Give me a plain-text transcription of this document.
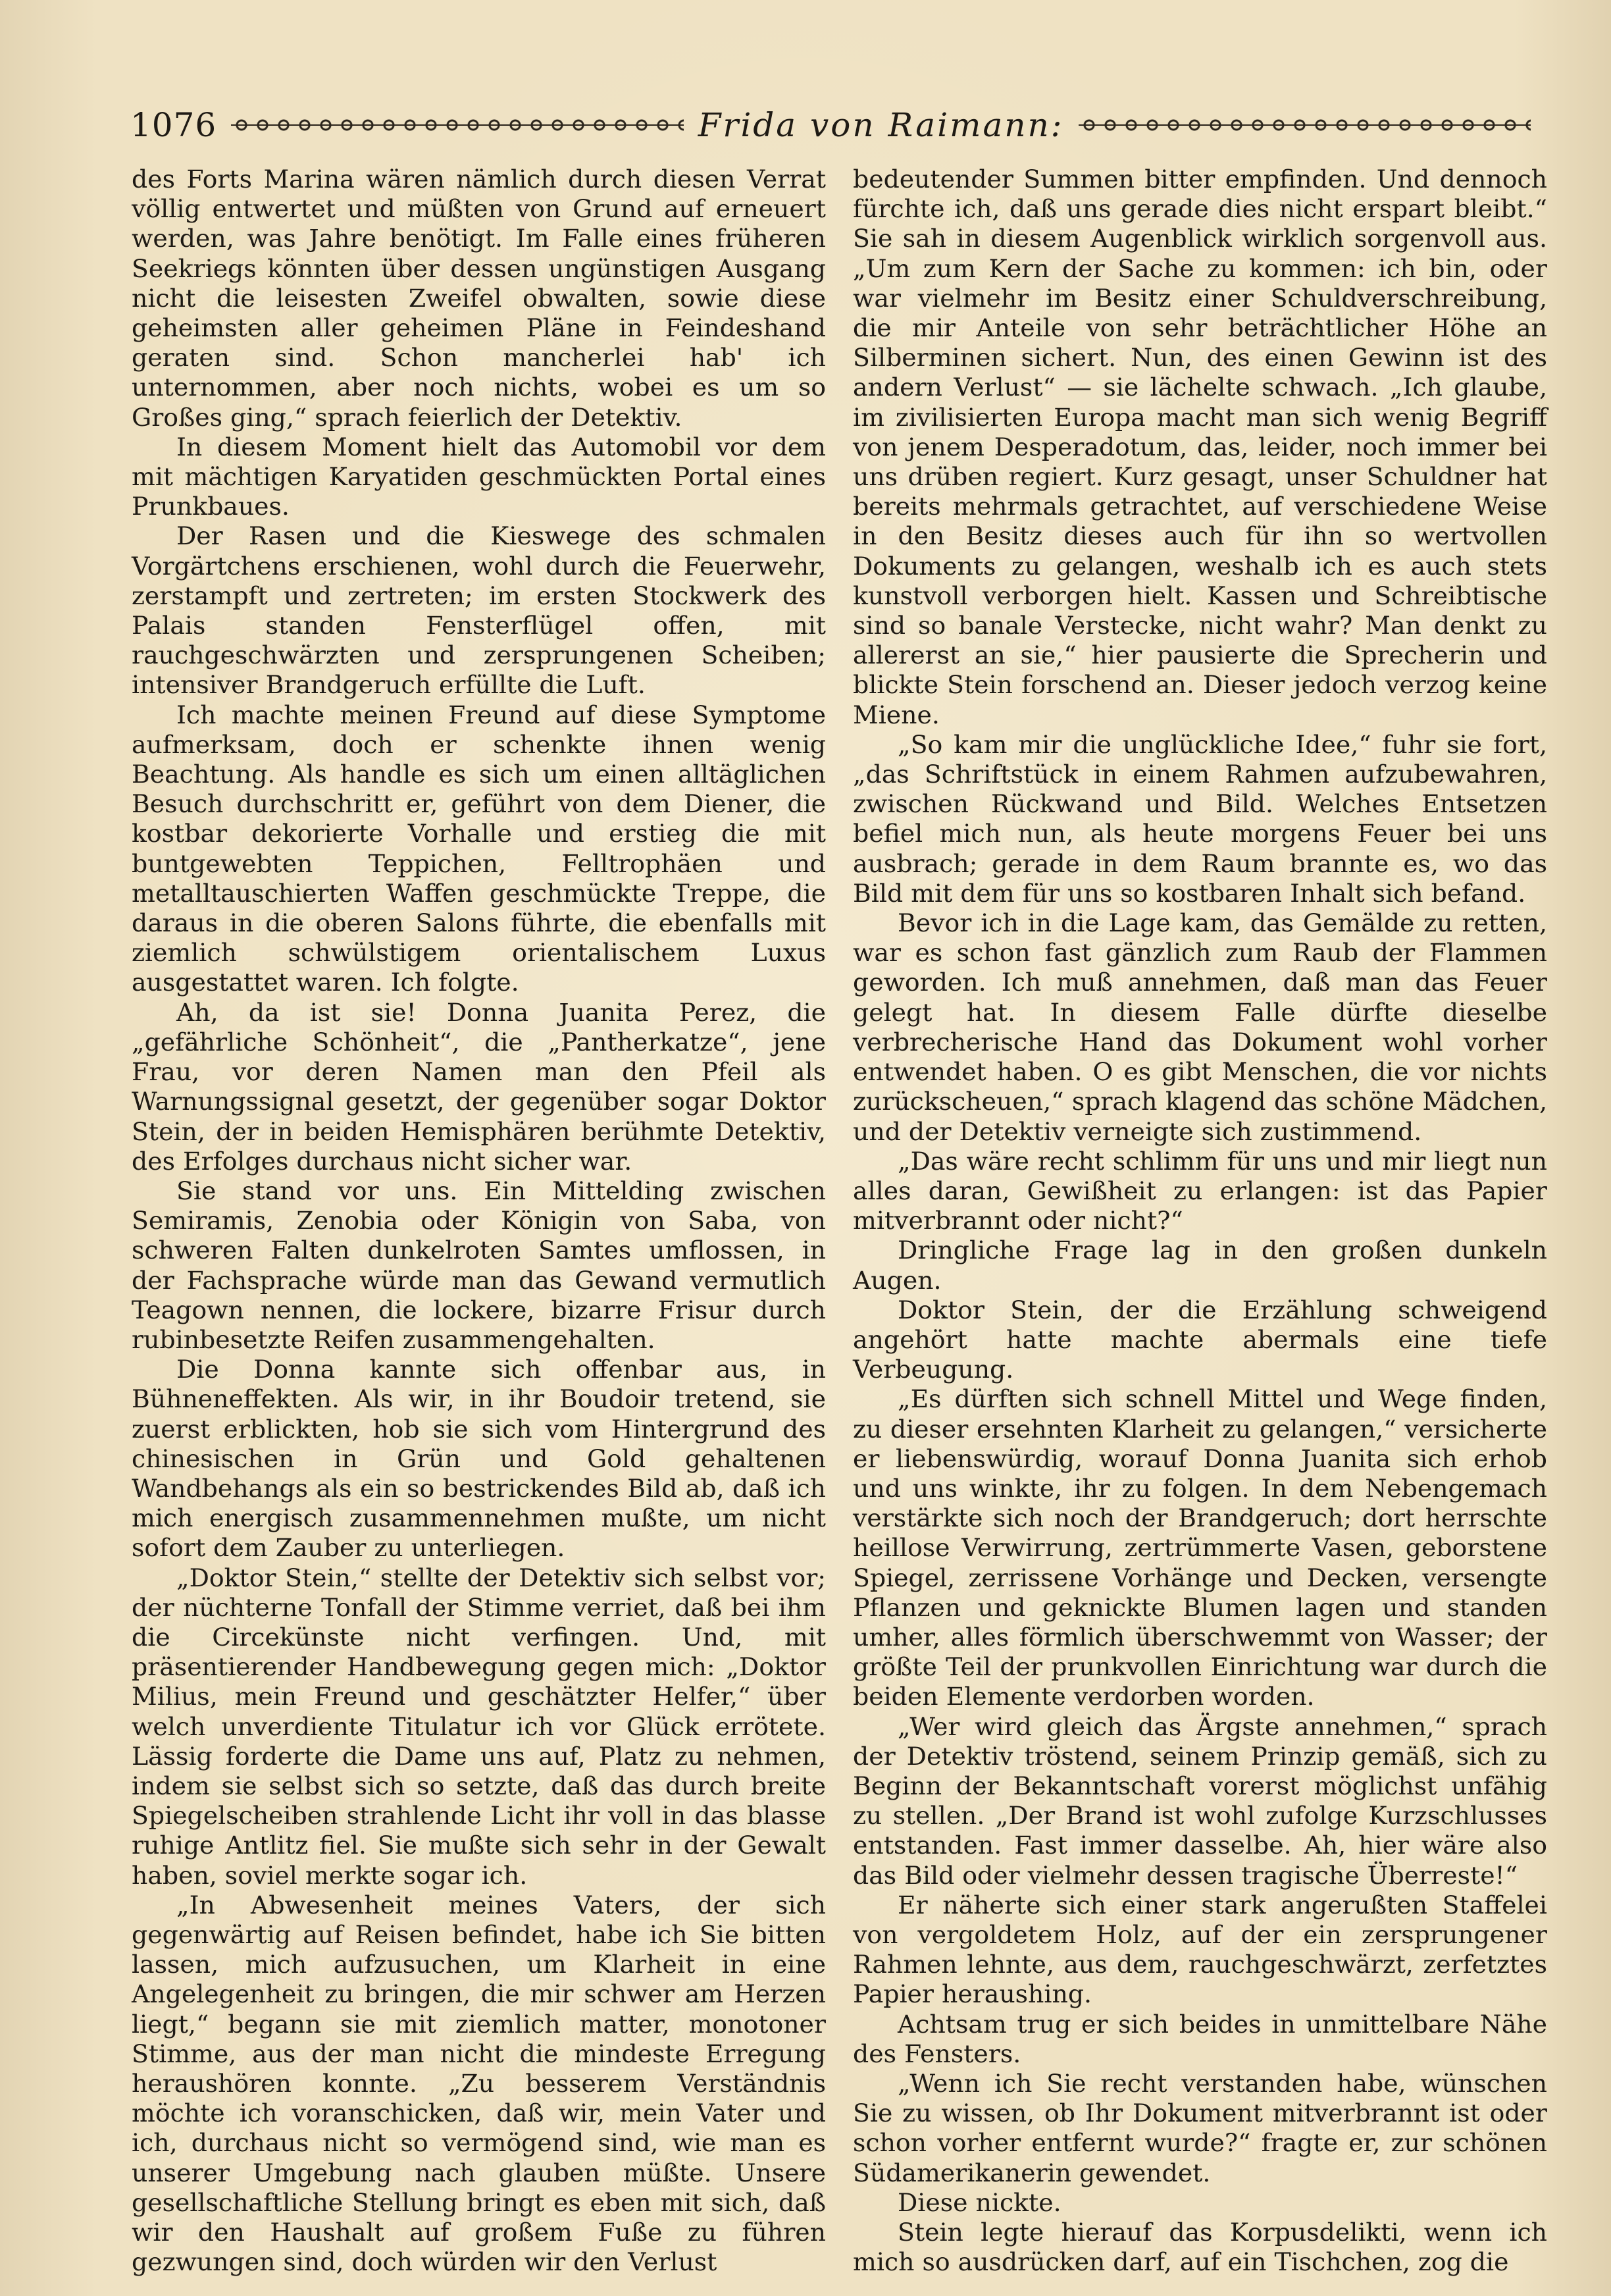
1076	Frida von Raimann:

des Forts Marina wären nämlich durch diesen Verrat völlig entwertet und müßten von Grund auf erneuert werden, was Jahre benötigt. Im Falle eines früheren Seekriegs könnten über dessen ungünstigen Ausgang nicht die leisesten Zweifel obwalten, sowie diese geheimsten aller geheimen Pläne in Feindeshand geraten sind. Schon mancherlei hab' ich unternommen, aber noch nichts, wobei es um so Großes ging,“ sprach feierlich der Detektiv.

In diesem Moment hielt das Automobil vor dem mit mächtigen Karyatiden geschmückten Portal eines Prunkbaues.

Der Rasen und die Kieswege des schmalen Vorgärtchens erschienen, wohl durch die Feuerwehr, zerstampft und zertreten; im ersten Stockwerk des Palais standen Fensterflügel offen, mit rauchgeschwärzten und zersprungenen Scheiben; intensiver Brandgeruch erfüllte die Luft.

Ich machte meinen Freund auf diese Symptome aufmerksam, doch er schenkte ihnen wenig Beachtung. Als handle es sich um einen alltäglichen Besuch durchschritt er, geführt von dem Diener, die kostbar dekorierte Vorhalle und erstieg die mit buntgewebten Teppichen, Felltrophäen und metalltauschierten Waffen geschmückte Treppe, die daraus in die oberen Salons führte, die ebenfalls mit ziemlich schwülstigem orientalischem Luxus ausgestattet waren. Ich folgte.

Ah, da ist sie! Donna Juanita Perez, die „gefährliche Schönheit“, die „Pantherkatze“, jene Frau, vor deren Namen man den Pfeil als Warnungssignal gesetzt, der gegenüber sogar Doktor Stein, der in beiden Hemisphären berühmte Detektiv, des Erfolges durchaus nicht sicher war.

Sie stand vor uns. Ein Mittelding zwischen Semiramis, Zenobia oder Königin von Saba, von schweren Falten dunkelroten Samtes umflossen, in der Fachsprache würde man das Gewand vermutlich Teagown nennen, die lockere, bizarre Frisur durch rubinbesetzte Reifen zusammengehalten.

Die Donna kannte sich offenbar aus, in Bühneneffekten. Als wir, in ihr Boudoir tretend, sie zuerst erblickten, hob sie sich vom Hintergrund des chinesischen in Grün und Gold gehaltenen Wandbehangs als ein so bestrickendes Bild ab, daß ich mich energisch zusammennehmen mußte, um nicht sofort dem Zauber zu unterliegen.

„Doktor Stein,“ stellte der Detektiv sich selbst vor; der nüchterne Tonfall der Stimme verriet, daß bei ihm die Circekünste nicht verfingen. Und, mit präsentierender Handbewegung gegen mich: „Doktor Milius, mein Freund und geschätzter Helfer,“ über welch unverdiente Titulatur ich vor Glück errötete. Lässig forderte die Dame uns auf, Platz zu nehmen, indem sie selbst sich so setzte, daß das durch breite Spiegelscheiben strahlende Licht ihr voll in das blasse ruhige Antlitz fiel. Sie mußte sich sehr in der Gewalt haben, soviel merkte sogar ich.

„In Abwesenheit meines Vaters, der sich gegenwärtig auf Reisen befindet, habe ich Sie bitten lassen, mich aufzusuchen, um Klarheit in eine Angelegenheit zu bringen, die mir schwer am Herzen liegt,“ begann sie mit ziemlich matter, monotoner Stimme, aus der man nicht die mindeste Erregung heraushören konnte. „Zu besserem Verständnis möchte ich voranschicken, daß wir, mein Vater und ich, durchaus nicht so vermögend sind, wie man es unserer Umgebung nach glauben müßte. Unsere gesellschaftliche Stellung bringt es eben mit sich, daß wir den Haushalt auf großem Fuße zu führen gezwungen sind, doch würden wir den Verlust

bedeutender Summen bitter empfinden. Und dennoch fürchte ich, daß uns gerade dies nicht erspart bleibt.“ Sie sah in diesem Augenblick wirklich sorgenvoll aus. „Um zum Kern der Sache zu kommen: ich bin, oder war vielmehr im Besitz einer Schuldverschreibung, die mir Anteile von sehr beträchtlicher Höhe an Silberminen sichert. Nun, des einen Gewinn ist des andern Verlust“ — sie lächelte schwach. „Ich glaube, im zivilisierten Europa macht man sich wenig Begriff von jenem Desperadotum, das, leider, noch immer bei uns drüben regiert. Kurz gesagt, unser Schuldner hat bereits mehrmals getrachtet, auf verschiedene Weise in den Besitz dieses auch für ihn so wertvollen Dokuments zu gelangen, weshalb ich es auch stets kunstvoll verborgen hielt. Kassen und Schreibtische sind so banale Verstecke, nicht wahr? Man denkt zu allererst an sie,“ hier pausierte die Sprecherin und blickte Stein forschend an. Dieser jedoch verzog keine Miene.

„So kam mir die unglückliche Idee,“ fuhr sie fort, „das Schriftstück in einem Rahmen aufzubewahren, zwischen Rückwand und Bild. Welches Entsetzen befiel mich nun, als heute morgens Feuer bei uns ausbrach; gerade in dem Raum brannte es, wo das Bild mit dem für uns so kostbaren Inhalt sich befand.

Bevor ich in die Lage kam, das Gemälde zu retten, war es schon fast gänzlich zum Raub der Flammen geworden. Ich muß annehmen, daß man das Feuer gelegt hat. In diesem Falle dürfte dieselbe verbrecherische Hand das Dokument wohl vorher entwendet haben. O es gibt Menschen, die vor nichts zurückscheuen,“ sprach klagend das schöne Mädchen, und der Detektiv verneigte sich zustimmend.

„Das wäre recht schlimm für uns und mir liegt nun alles daran, Gewißheit zu erlangen: ist das Papier mitverbrannt oder nicht?“

Dringliche Frage lag in den großen dunkeln Augen.

Doktor Stein, der die Erzählung schweigend angehört hatte machte abermals eine tiefe Verbeugung.

„Es dürften sich schnell Mittel und Wege finden, zu dieser ersehnten Klarheit zu gelangen,“ versicherte er liebenswürdig, worauf Donna Juanita sich erhob und uns winkte, ihr zu folgen. In dem Nebengemach verstärkte sich noch der Brandgeruch; dort herrschte heillose Verwirrung, zertrümmerte Vasen, geborstene Spiegel, zerrissene Vorhänge und Decken, versengte Pflanzen und geknickte Blumen lagen und standen umher, alles förmlich überschwemmt von Wasser; der größte Teil der prunkvollen Einrichtung war durch die beiden Elemente verdorben worden.

„Wer wird gleich das Ärgste annehmen,“ sprach der Detektiv tröstend, seinem Prinzip gemäß, sich zu Beginn der Bekanntschaft vorerst möglichst unfähig zu stellen. „Der Brand ist wohl zufolge Kurzschlusses entstanden. Fast immer dasselbe. Ah, hier wäre also das Bild oder vielmehr dessen tragische Überreste!“

Er näherte sich einer stark angerußten Staffelei von vergoldetem Holz, auf der ein zersprungener Rahmen lehnte, aus dem, rauchgeschwärzt, zerfetztes Papier heraushing.

Achtsam trug er sich beides in unmittelbare Nähe des Fensters.

„Wenn ich Sie recht verstanden habe, wünschen Sie zu wissen, ob Ihr Dokument mitverbrannt ist oder schon vorher entfernt wurde?“ fragte er, zur schönen Südamerikanerin gewendet.

Diese nickte.

Stein legte hierauf das Korpusdelikti, wenn ich mich so ausdrücken darf, auf ein Tischchen, zog die
